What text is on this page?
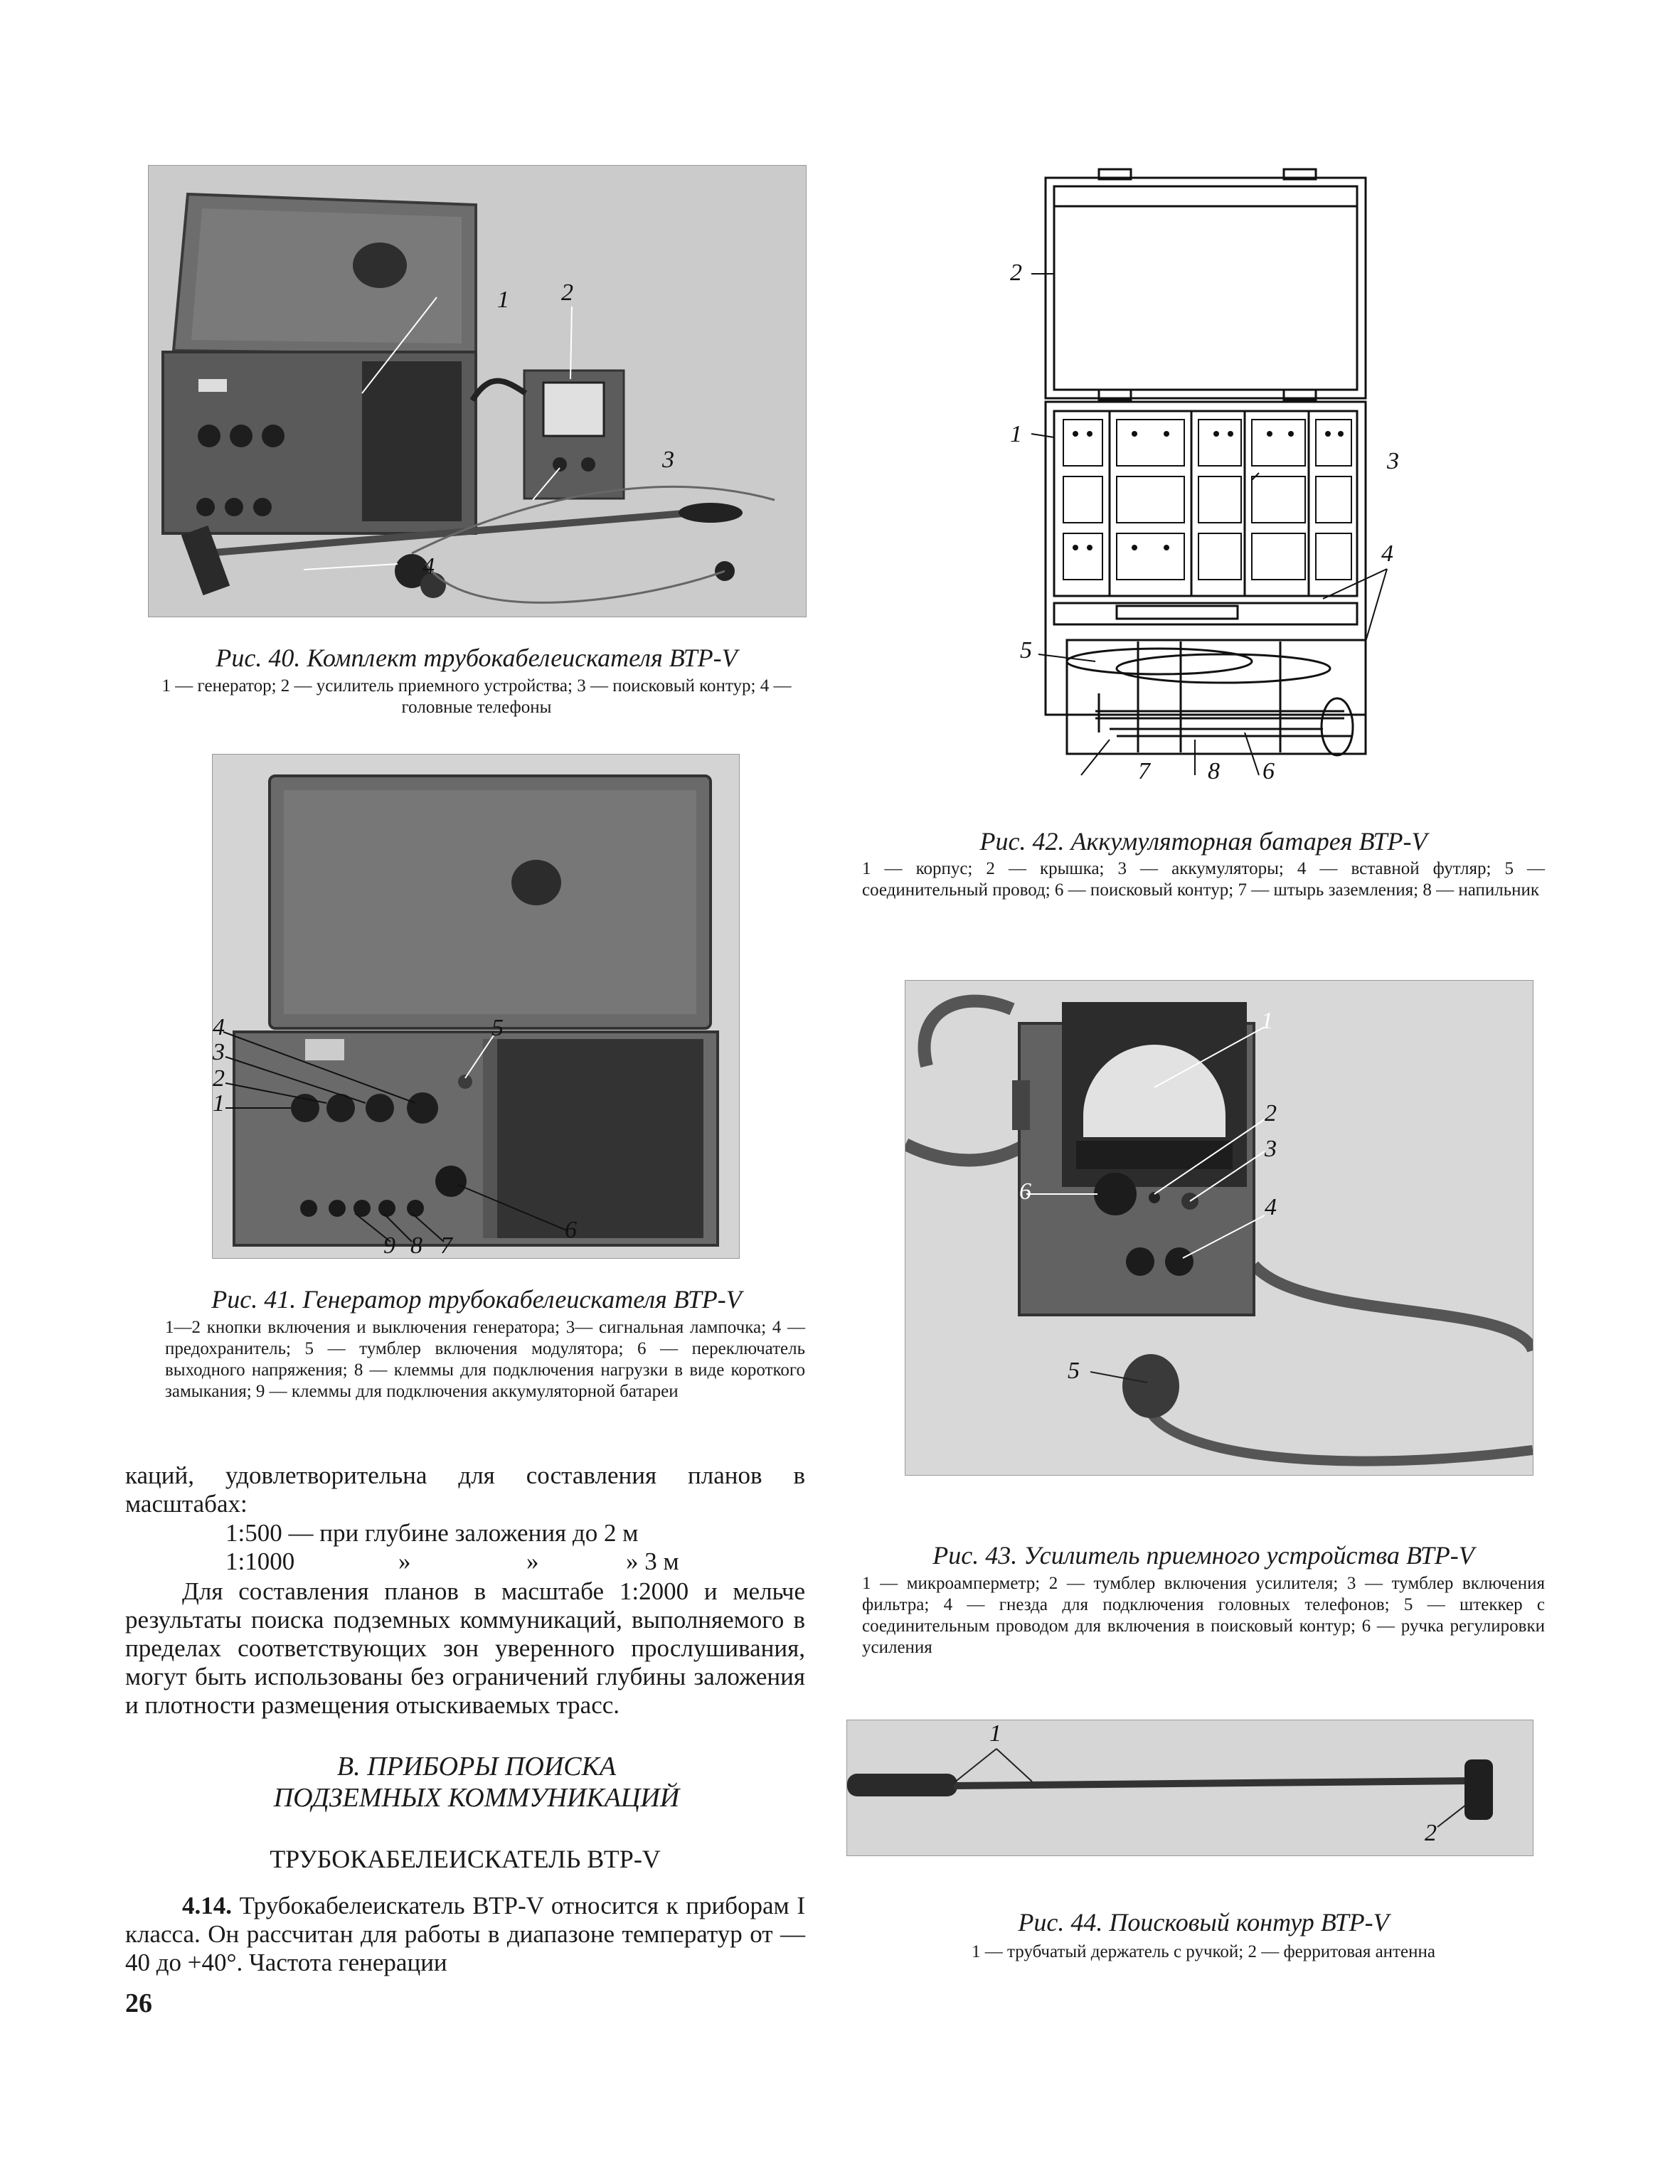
1 2
3
4
Рис. 40. Комплект трубокабелеискателя ВТР-V
1 — генератор; 2 — усилитель приемного устройства; 3 — поисковый контур; 4 — головные телефоны
1
2
3
4	5
6
7
8
9
Рис. 41. Генератор трубокабелеискателя ВТР-V
1—2 кнопки включения и выключения генератора; 3— сигнальная лампочка; 4 — предохранитель; 5 — тумблер включения модулятора; 6 — переключатель выходного напряжения; 8 — клеммы для подключения нагрузки в виде короткого замыкания; 9 — клеммы для подключения аккумуляторной батареи
каций, удовлетворительна для составления планов в масштабах:
1:500 — при глубине заложения до 2 м
1:1000	»	»	» 3 м
Для составления планов в масштабе 1:2000 и мельче результаты поиска подземных коммуникаций, выполняемого в пределах соответствующих зон уверенного прослушивания, могут быть использованы без ограничений глубины заложения и плотности размещения отыскиваемых трасс.
В. ПРИБОРЫ ПОИСКА ПОДЗЕМНЫХ КОММУНИКАЦИЙ
ТРУБОКАБЕЛЕИСКАТЕЛЬ ВТР-V
4.14. Трубокабелеискатель ВТР-V относится к приборам I класса. Он рассчитан для работы в диапазоне температур от —40 до +40°. Частота генерации
26
2
1
3
4
5
7 8 6
Рис. 42. Аккумуляторная батарея ВТР-V
1 — корпус; 2 — крышка; 3 — аккумуляторы; 4 — вставной футляр; 5 — соединительный провод; 6 — поисковый контур; 7 — штырь заземления; 8 — напильник
1
2
3
4
5
6
Рис. 43. Усилитель приемного устройства ВТР-V
1 — микроамперметр; 2 — тумблер включения усилителя; 3 — тумблер включения фильтра; 4 — гнезда для подключения головных телефонов; 5 — штеккер с соединительным проводом для включения в поисковый контур; 6 — ручка регулировки усиления
1
2
Рис. 44. Поисковый контур ВТР-V
1 — трубчатый держатель с ручкой; 2 — ферритовая антенна
